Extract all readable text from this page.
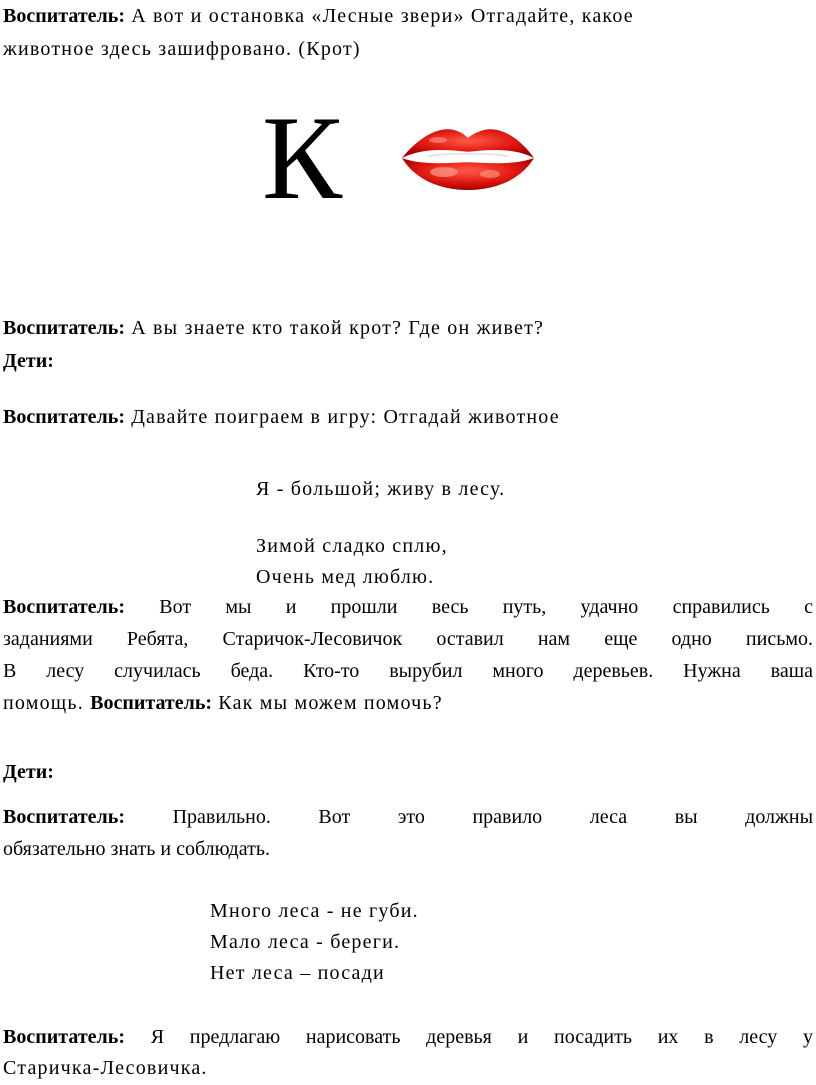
Воспитатель: А вот и остановка «Лесные звери» Отгадайте, какое
животное здесь зашифровано. (Крот)
К
Воспитатель: А вы знаете кто такой крот? Где он живет?
Дети:
Воспитатель: Давайте поиграем в игру: Отгадай животное
Я - большой; живу в лесу.
Зимой сладко сплю,
Очень мед люблю.
Воспитатель: Вот мы и прошли весь путь, удачно справились с
заданиями Ребята, Старичок-Лесовичок оставил нам еще одно письмо.
В лесу случилась беда. Кто-то вырубил много деревьев. Нужна ваша
помощь. Воспитатель: Как мы можем помочь?
Дети:
Воспитатель: Правильно. Вот это правило леса вы должны
обязательно знать и соблюдать.
Много леса - не губи.
Мало леса - береги.
Нет леса – посади
Воспитатель: Я предлагаю нарисовать деревья и посадить их в лесу у
Старичка-Лесовичка.
